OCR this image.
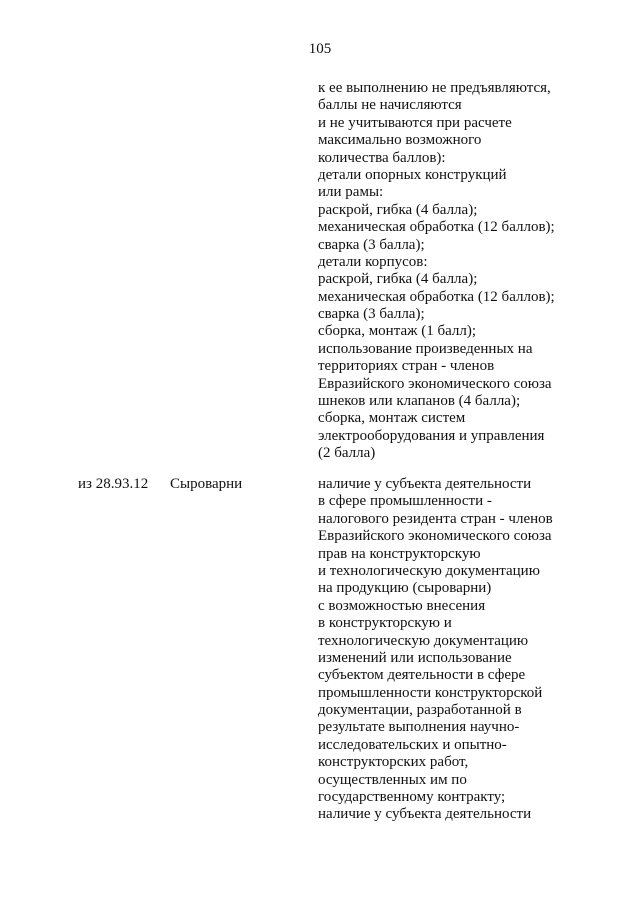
105
к ее выполнению не предъявляются,
баллы не начисляются
и не учитываются при расчете
максимально возможного
количества баллов):
детали опорных конструкций
или рамы:
раскрой, гибка (4 балла);
механическая обработка (12 баллов);
сварка (3 балла);
детали корпусов:
раскрой, гибка (4 балла);
механическая обработка (12 баллов);
сварка (3 балла);
сборка, монтаж (1 балл);
использование произведенных на
территориях стран - членов
Евразийского экономического союза
шнеков или клапанов (4 балла);
сборка, монтаж систем
электрооборудования и управления
(2 балла)
из 28.93.12 Сыроварни	наличие у субъекта деятельности
в сфере промышленности -
налогового резидента стран - членов
Евразийского экономического союза
прав на конструкторскую
и технологическую документацию
на продукцию (сыроварни)
с возможностью внесения
в конструкторскую и
технологическую документацию
изменений или использование
субъектом деятельности в сфере
промышленности конструкторской
документации, разработанной в
результате выполнения научно-
исследовательских и опытно-
конструкторских работ,
осуществленных им по
государственному контракту;
наличие у субъекта деятельности
